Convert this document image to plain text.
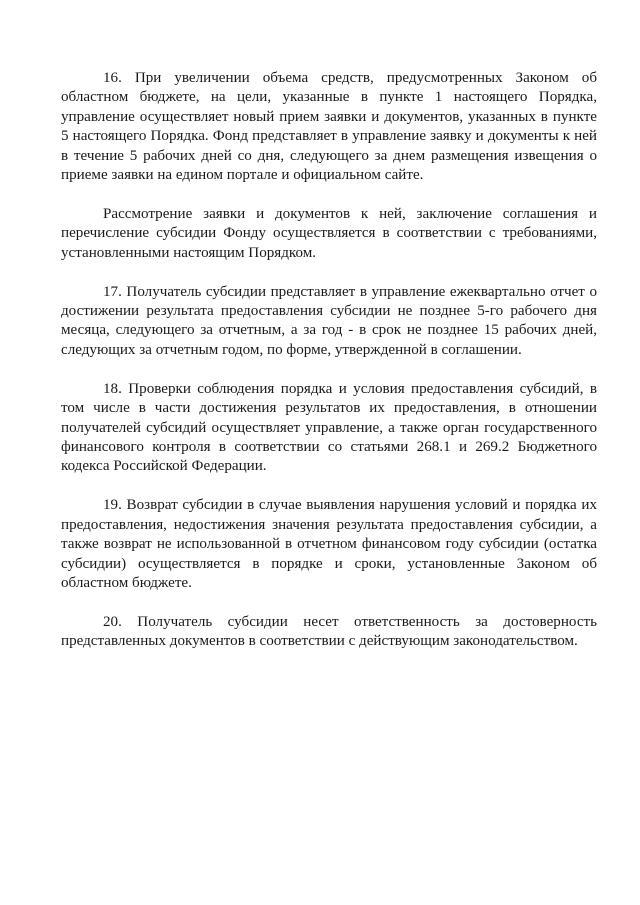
16. При увеличении объема средств, предусмотренных Законом об областном бюджете, на цели, указанные в пункте 1 настоящего Порядка, управление осуществляет новый прием заявки и документов, указанных в пункте 5 настоящего Порядка. Фонд представляет в управление заявку и документы к ней в течение 5 рабочих дней со дня, следующего за днем размещения извещения о приеме заявки на едином портале и официальном сайте.

Рассмотрение заявки и документов к ней, заключение соглашения и перечисление субсидии Фонду осуществляется в соответствии с требованиями, установленными настоящим Порядком.

17. Получатель субсидии представляет в управление ежеквартально отчет о достижении результата предоставления субсидии не позднее 5-го рабочего дня месяца, следующего за отчетным, а за год - в срок не позднее 15 рабочих дней, следующих за отчетным годом, по форме, утвержденной в соглашении.

18. Проверки соблюдения порядка и условия предоставления субсидий, в том числе в части достижения результатов их предоставления, в отношении получателей субсидий осуществляет управление, а также орган государственного финансового контроля в соответствии со статьями 268.1 и 269.2 Бюджетного кодекса Российской Федерации.

19. Возврат субсидии в случае выявления нарушения условий и порядка их предоставления, недостижения значения результата предоставления субсидии, а также возврат не использованной в отчетном финансовом году субсидии (остатка субсидии) осуществляется в порядке и сроки, установленные Законом об областном бюджете.

20. Получатель субсидии несет ответственность за достоверность представленных документов в соответствии с действующим законодательством.
